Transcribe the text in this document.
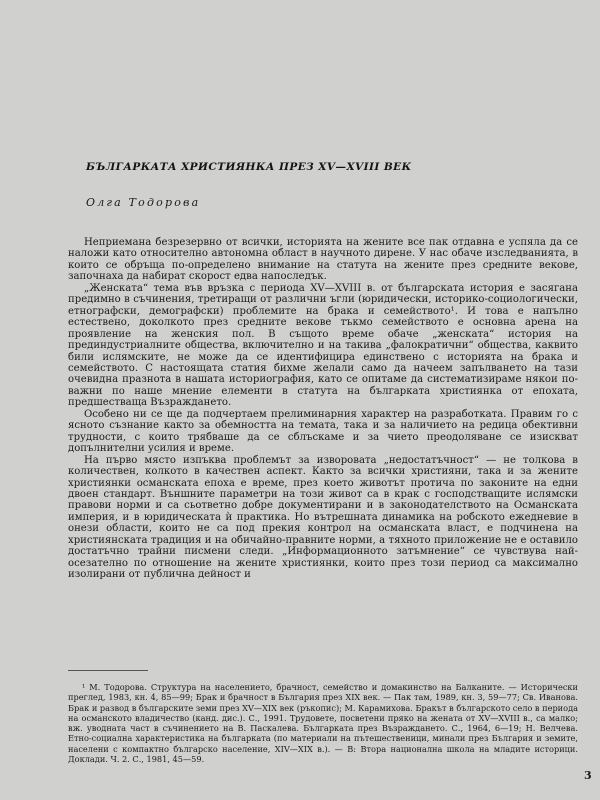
БЪЛГАРКАТА ХРИСТИЯНКА ПРЕЗ XV—XVIII ВЕК
Олга Тодорова

Неприемана безрезервно от всички, историята на жените все пак отдавна е успяла да се наложи като относително автономна област в научното дирене. У нас обаче изследванията, в които се обръща по-определено внимание на статута на жените през средните векове, започнаха да набират скорост едва напоследък.

„Женската“ тема във връзка с периода XV—XVIII в. от българската история е засягана предимно в съчинения, третиращи от различни ъгли (юридически, историко-социологически, етнографски, демографски) проблемите на брака и семейството¹. И това е напълно естествено, доколкото през средните векове тъкмо семейството е основна арена на проявление на женския пол. В същото време обаче „женската“ история на прединдустриалните общества, включително и на такива „фалократични“ общества, каквито били ислямските, не може да се идентифицира единствено с историята на брака и семейството. С настоящата статия бихме желали само да начеем запълването на тази очевидна празнота в нашата историография, като се опитаме да систематизираме някои по-важни по наше мнение елементи в статута на българката християнка от епохата, предшестваща Възраждането.

Особено ни се ще да подчертаем прелиминарния характер на разработката. Правим го с ясното съзнание както за обемността на темата, така и за наличието на редица обективни трудности, с които трябваше да се сблъскаме и за чието преодоляване се изискват допълнителни усилия и време.

На първо място изпъква проблемът за изворовата „недостатъчност“ — не толкова в количествен, колкото в качествен аспект. Както за всички християни, така и за жените християнки османската епоха е време, през което животът протича по законите на едни двоен стандарт. Външните параметри на този живот са в крак с господстващите ислямски правови норми и са сьответно добре документирани и в законодателството на Османската империя, и в юридическата ѝ практика. Но вътрешната динамика на робското ежедневие в онези области, които не са под прекия контрол на османската власт, е подчинена на християнската традиция и на обичайно-правните норми, а тяхното приложение не е оставило достатъчно трайни писмени следи. „Информационното затъмнение“ се чувствува най-осезателно по отношение на жените християнки, които през този период са максимално изолирани от публична дейност и

¹ М. Тодорова. Структура на населението, брачност, семейство и домакинство на Балканите. — Исторически преглед, 1983, кн. 4, 85—99; Брак и брачност в България през XIX век. — Пак там, 1989, кн. 3, 59—77; Св. Иванова. Брак и развод в българските земи през XV—XIX век (ръкопис); М. Карамихова. Бракът в българското село в периода на османското владичество (канд. дис.). С., 1991. Трудовете, посветени пряко на жената от XV—XVIII в., са малко; вж. уводната част в съчинението на В. Паскалева. Българката през Възраждането. С., 1964, 6—19; Н. Велчева. Етно-социална характеристика на българката (по материали на пътешественици, минали през България и земите, населени с компактно българско население, XIV—XIX в.). — В: Втора национална школа на младите историци. Доклади. Ч. 2. С., 1981, 45—59.

3
